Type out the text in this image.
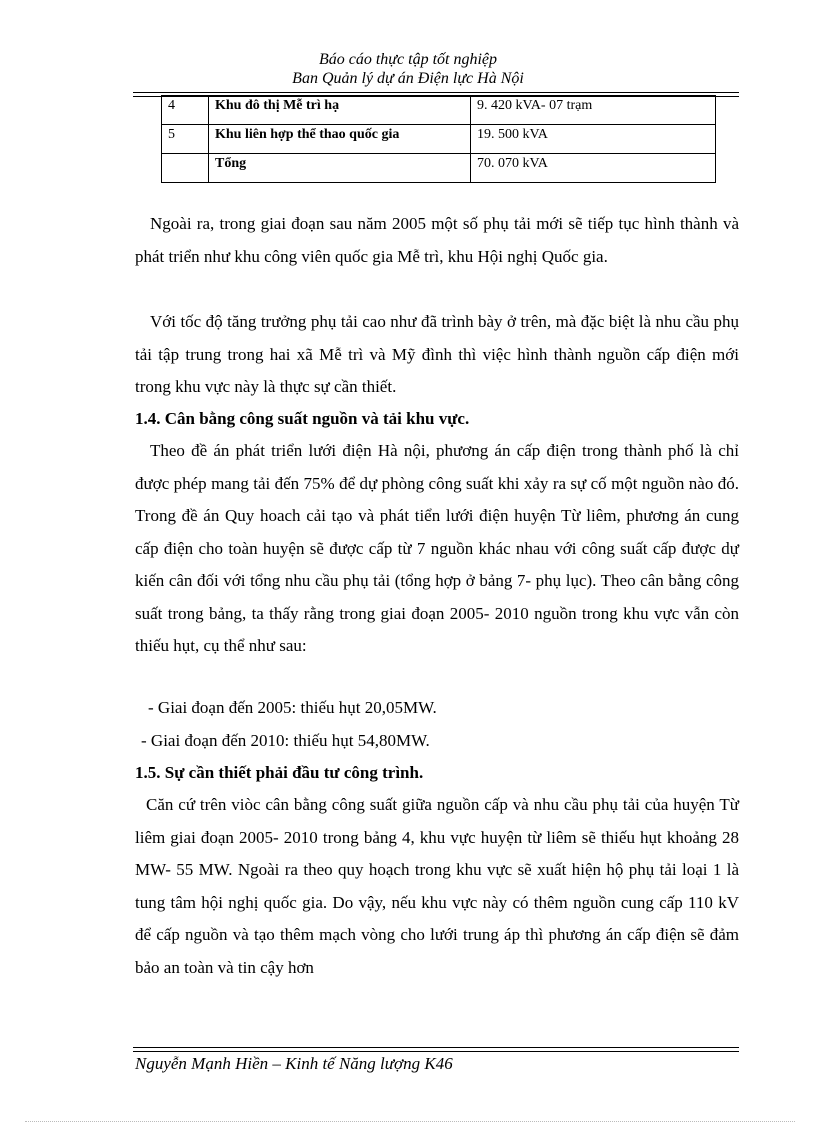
Báo cáo thực tập tốt nghiệp
Ban Quản lý dự án Điện lực Hà Nội
4	Khu đô thị Mễ trì hạ	9. 420 kVA- 07 trạm
5	Khu liên hợp thể thao quốc gia	19. 500 kVA
	Tổng	70. 070 kVA

Ngoài ra, trong giai đoạn sau năm 2005 một số phụ tải mới sẽ tiếp tục hình thành và phát triển như khu công viên quốc gia Mễ trì, khu Hội nghị Quốc gia.

Với tốc độ tăng trưởng phụ tải cao như đã trình bày ở trên, mà đặc biệt là nhu cầu phụ tải tập trung trong hai xã Mễ trì và Mỹ đình thì việc hình thành nguồn cấp điện mới trong khu vực này là thực sự cần thiết.

1.4. Cân bằng công suất nguồn và tải khu vực.

Theo đề án phát triển lưới điện Hà nội, phương án cấp điện trong thành phố là chỉ được phép mang tải đến 75% để dự phòng công suất khi xảy ra sự cố một nguồn nào đó. Trong đề án Quy hoach cải tạo và phát tiển lưới điện huyện Từ liêm, phương án cung cấp điện cho toàn huyện sẽ được cấp từ 7 nguồn khác nhau với công suất cấp được dự kiến cân đối với tổng nhu cầu phụ tải (tổng hợp ở bảng 7- phụ lục). Theo cân bằng công suất trong bảng, ta thấy rằng trong giai đoạn 2005- 2010 nguồn trong khu vực vẫn còn thiếu hụt, cụ thể như sau:

- Giai đoạn đến 2005: thiếu hụt 20,05MW.

- Giai đoạn đến 2010: thiếu hụt 54,80MW.

1.5. Sự cần thiết phải đầu tư công trình.

Căn cứ trên viòc cân bằng công suất giữa nguồn cấp và nhu cầu phụ tải của huyện Từ liêm giai đoạn 2005- 2010 trong bảng 4, khu vực huyện từ liêm sẽ thiếu hụt khoảng 28 MW- 55 MW. Ngoài ra theo quy hoạch trong khu vực sẽ xuất hiện hộ phụ tải loại 1 là tung tâm hội nghị quốc gia. Do vậy, nếu khu vực này có thêm nguồn cung cấp 110 kV để cấp nguồn và tạo thêm mạch vòng cho lưới trung áp thì phương án cấp điện sẽ đảm bảo an toàn và tin cậy hơn

Nguyễn Mạnh Hiền – Kinh tế Năng lượng K46
